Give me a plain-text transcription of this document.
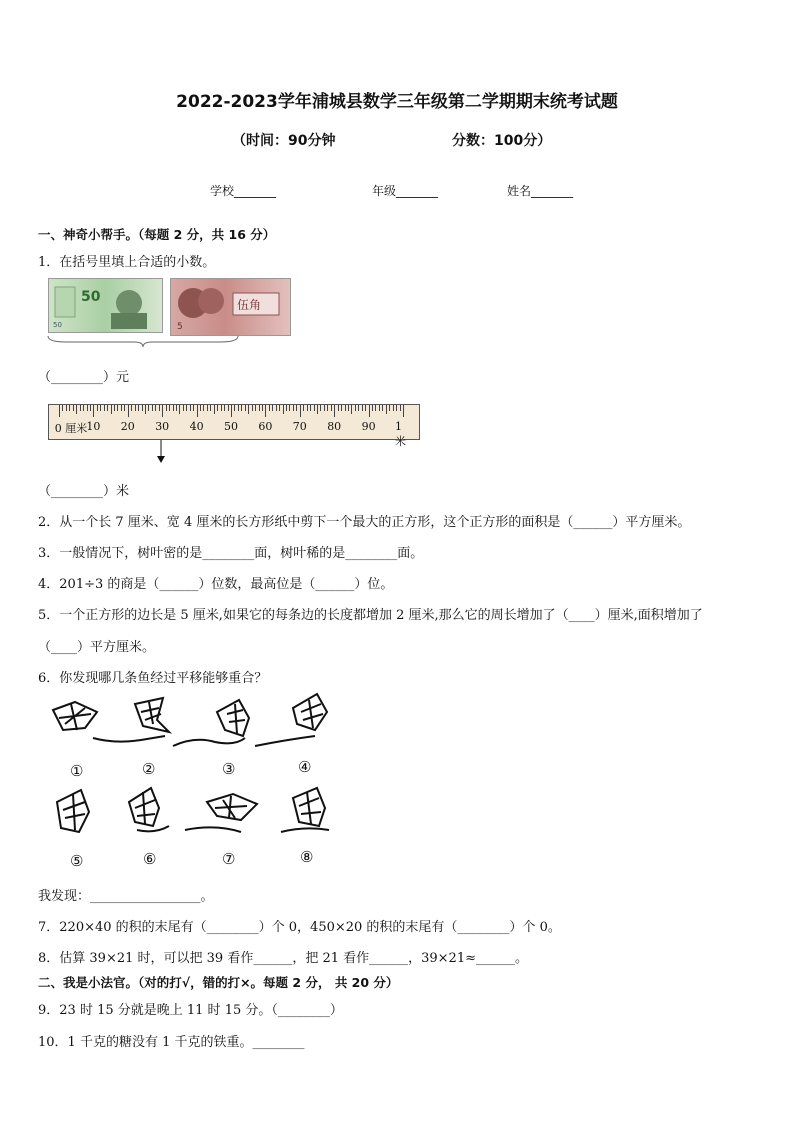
2022-2023学年浦城县数学三年级第二学期期末统考试题
（时间：90分钟	分数：100分）
学校_______	年级_______	姓名_______
一、神奇小帮手。（每题 2 分，共 16 分）
1．在括号里填上合适的小数。
50
50
伍角
5
（________）元
0 厘米 10 20 30 40 50 60 70 80 90 1米
（________）米
2．从一个长 7 厘米、宽 4 厘米的长方形纸中剪下一个最大的正方形，这个正方形的面积是（______）平方厘米。
3．一般情况下，树叶密的是________面，树叶稀的是________面。
4．201÷3 的商是（______）位数，最高位是（______）位。
5．一个正方形的边长是 5 厘米,如果它的每条边的长度都增加 2 厘米,那么它的周长增加了（____）厘米,面积增加了
（____）平方厘米。
6．你发现哪几条鱼经过平移能够重合？
①	②	③	④
⑤	⑥	⑦	⑧
我发现：_________________。
7．220×40 的积的末尾有（________）个 0，450×20 的积的末尾有（________）个 0。
8．估算 39×21 时，可以把 39 看作______，把 21 看作______，39×21≈______。
二、我是小法官。（对的打√，错的打×。每题 2 分， 共 20 分）
9．23 时 15 分就是晚上 11 时 15 分。（________）
10．1 千克的糖没有 1 千克的铁重。________
